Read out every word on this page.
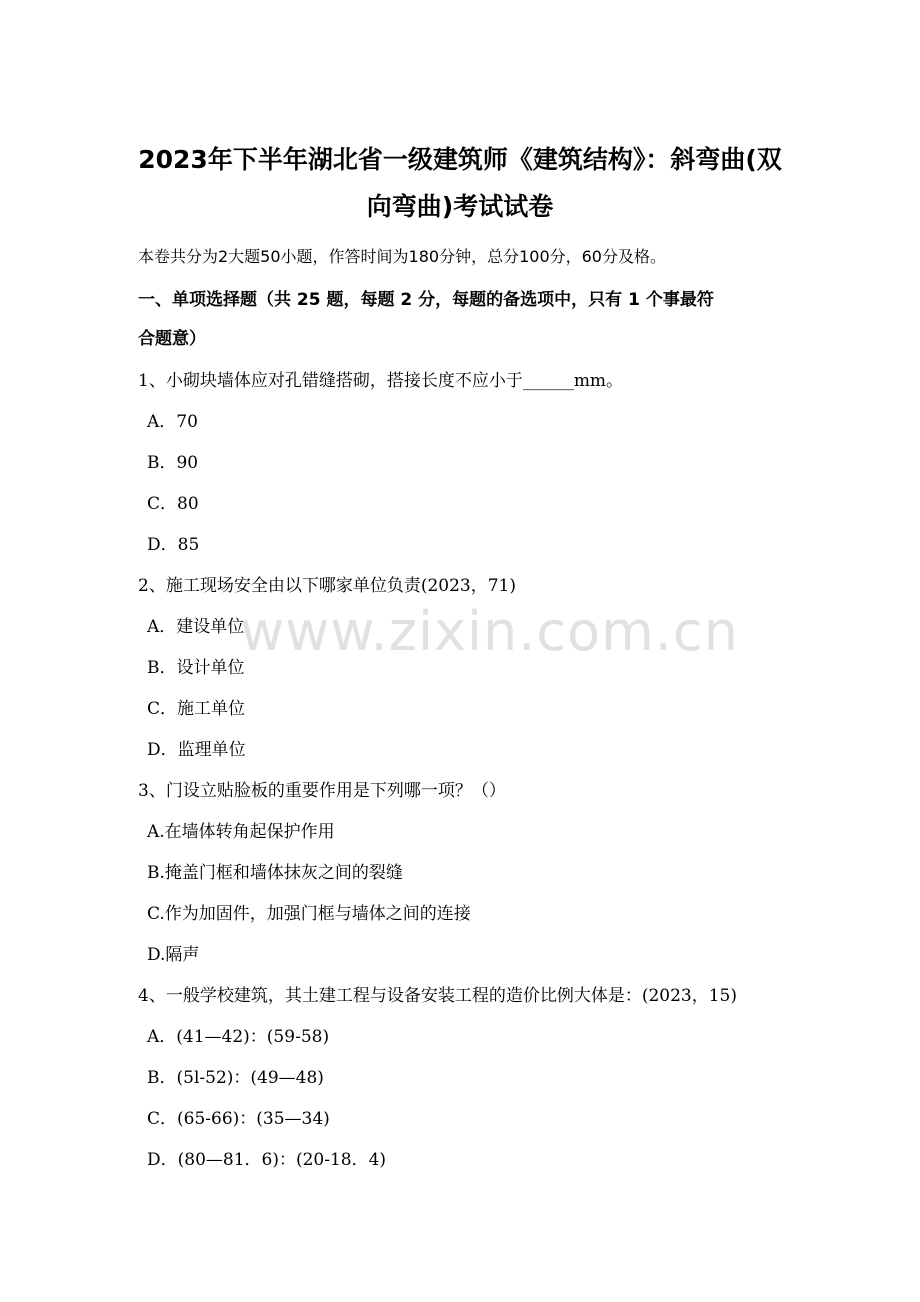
2023年下半年湖北省一级建筑师《建筑结构》：斜弯曲(双
向弯曲)考试试卷
本卷共分为2大题50小题，作答时间为180分钟，总分100分，60分及格。
一、单项选择题（共 25 题，每题 2 分，每题的备选项中，只有 1 个事最符
合题意）
1、小砌块墙体应对孔错缝搭砌，搭接长度不应小于______mm。
A．70
B．90
C．80
D．85
2、施工现场安全由以下哪家单位负责(2023，71)
A．建设单位
B．设计单位
C．施工单位
D．监理单位
3、门设立贴脸板的重要作用是下列哪一项？（）
A.在墙体转角起保护作用
B.掩盖门框和墙体抹灰之间的裂缝
C.作为加固件，加强门框与墙体之间的连接
D.隔声
4、一般学校建筑，其土建工程与设备安装工程的造价比例大体是：(2023，15)
A．(41—42)：(59-58)
B．(5l-52)：(49—48)
C．(65-66)：(35—34)
D．(80—81．6)：(20-18．4)
www.zixin.com.cn
